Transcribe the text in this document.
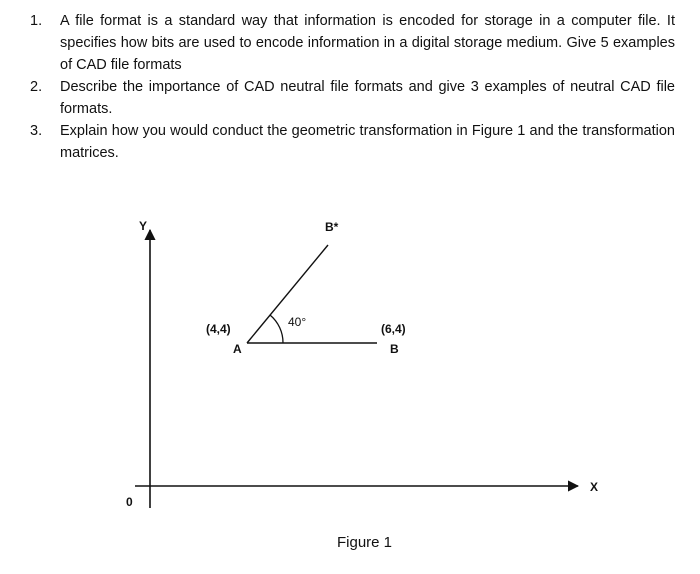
1.	A file format is a standard way that information is encoded for storage in a computer file. It specifies how bits are used to encode information in a digital storage medium. Give 5 examples of CAD file formats
2.	Describe the importance of CAD neutral file formats and give 3 examples of neutral CAD file formats.
3.	Explain how you would conduct the geometric transformation in Figure 1 and the transformation matrices.
Y
X
0
40°
(4,4)
A
(6,4)
B
B*
Figure 1
